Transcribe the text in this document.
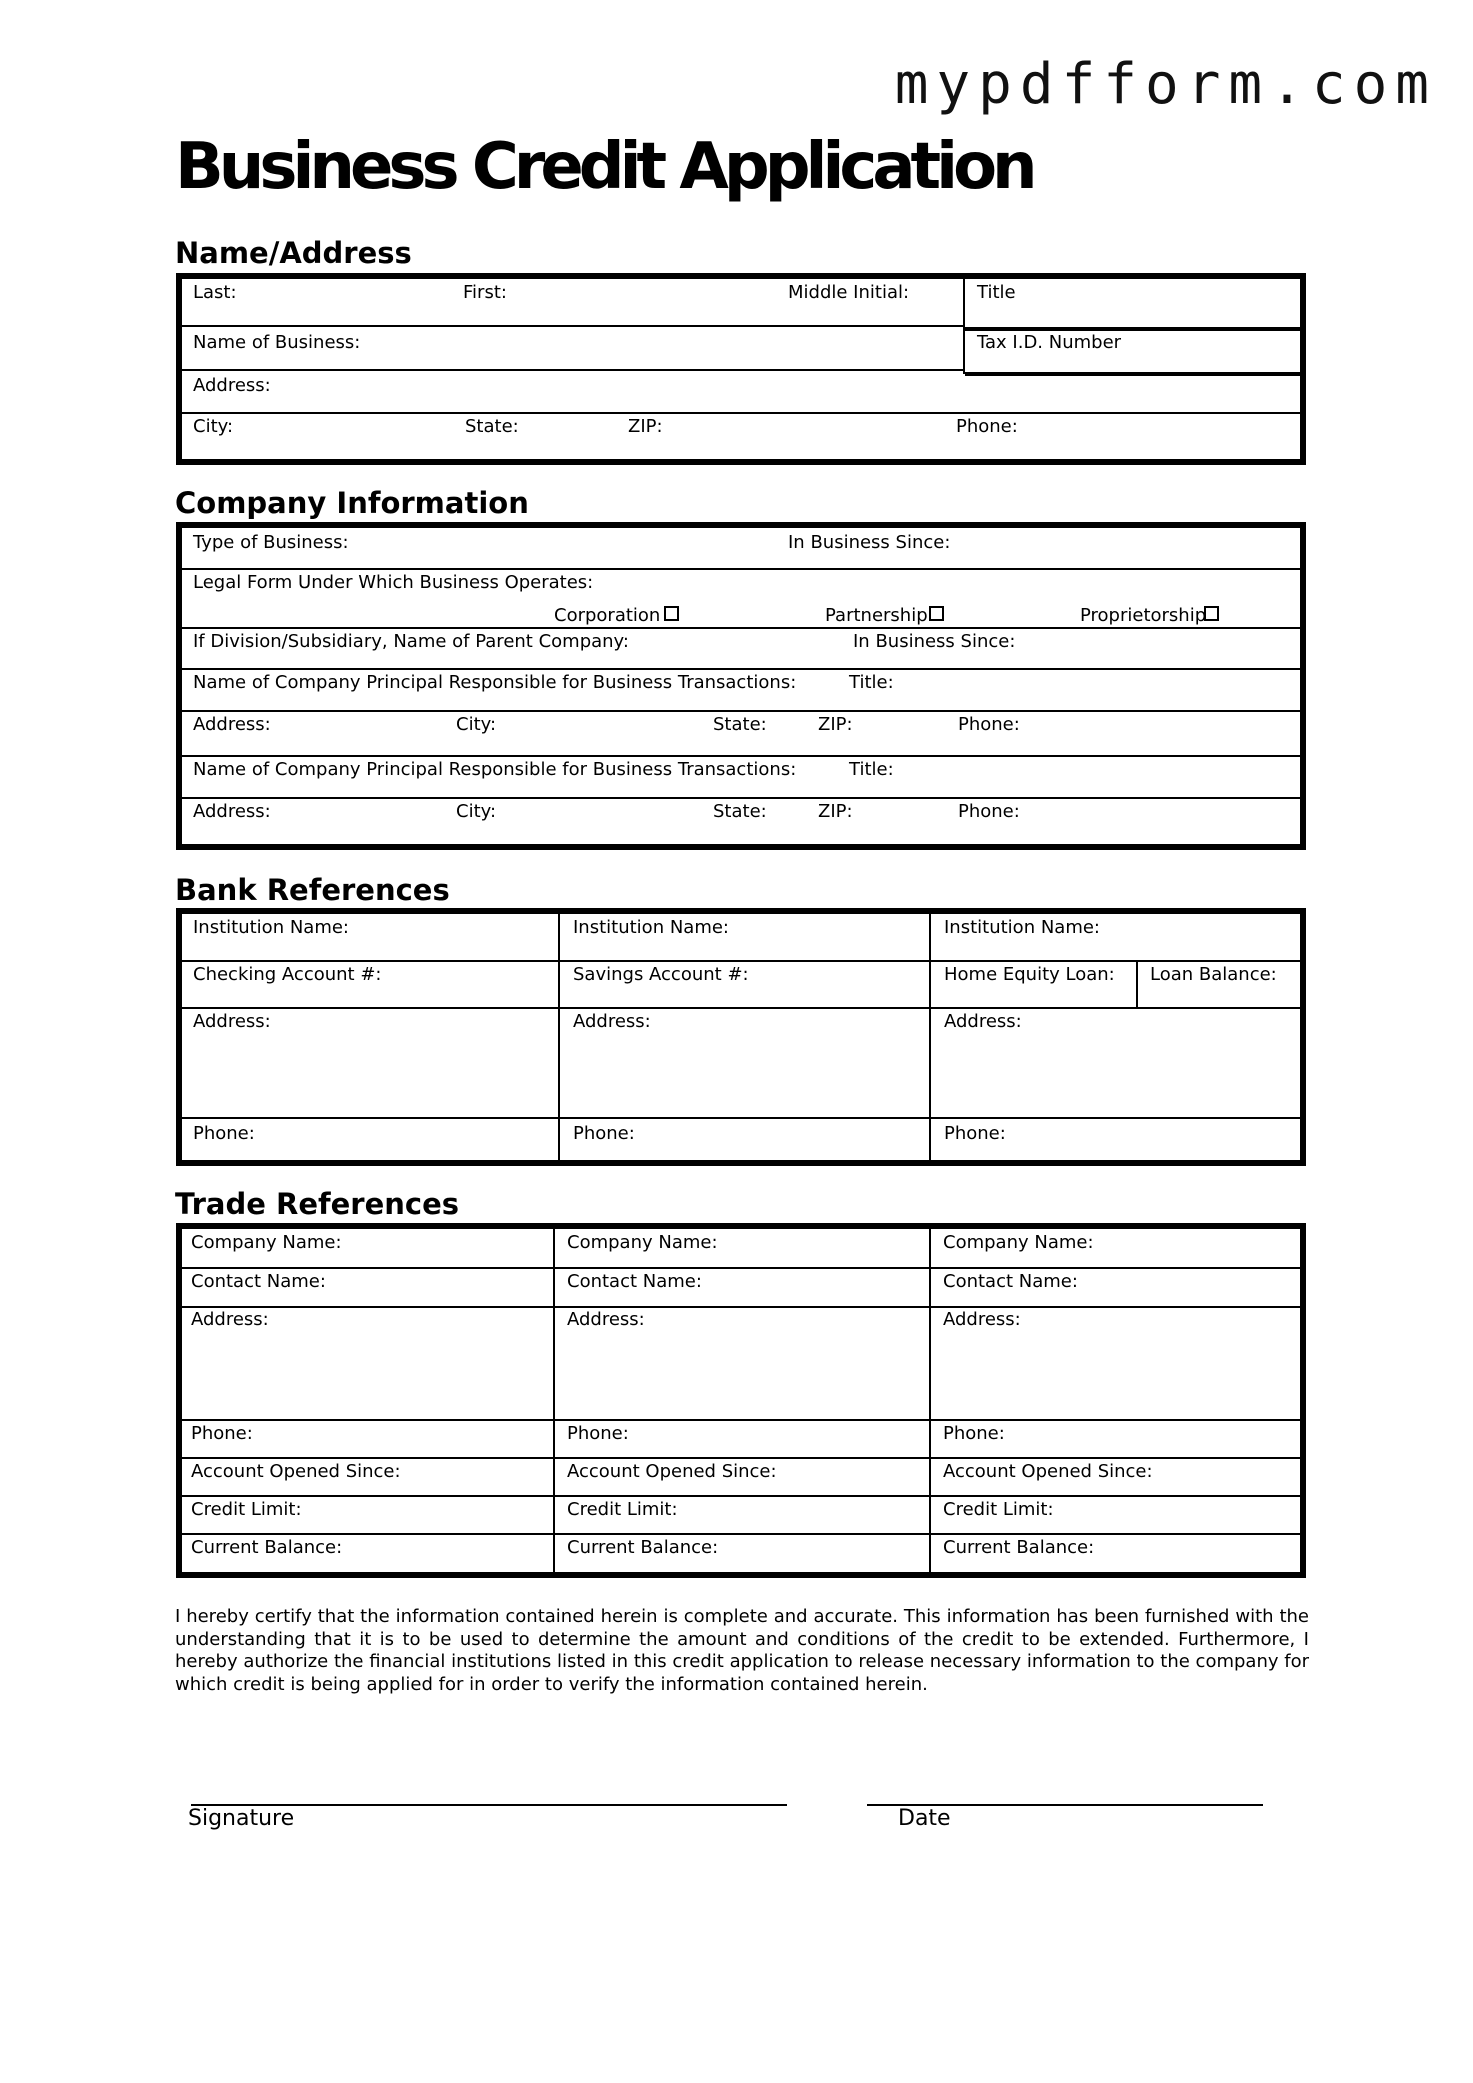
mypdfform.com
Business Credit Application
Name/Address
Last:	First:	Middle Initial:	Title
Name of Business:	Tax I.D. Number
Address:
City:	State:	ZIP:	Phone:
Company Information
Type of Business:	In Business Since:
Legal Form Under Which Business Operates:
Corporation	Partnership	Proprietorship
If Division/Subsidiary, Name of Parent Company:	In Business Since:
Name of Company Principal Responsible for Business Transactions:	Title:
Address:	City:	State:	ZIP:	Phone:
Name of Company Principal Responsible for Business Transactions:	Title:
Address:	City:	State:	ZIP:	Phone:
Bank References
Institution Name:	Institution Name:	Institution Name:
Checking Account #:	Savings Account #:	Home Equity Loan: Loan Balance:
Address:	Address:	Address:
Phone:	Phone:	Phone:
Trade References
Company Name:	Company Name:	Company Name:
Contact Name:	Contact Name:	Contact Name:
Address:	Address:	Address:
Phone:	Phone:	Phone:
Account Opened Since:	Account Opened Since:	Account Opened Since:
Credit Limit:	Credit Limit:	Credit Limit:
Current Balance:	Current Balance:	Current Balance:
I hereby certify that the information contained herein is complete and accurate. This information has been furnished with the understanding that it is to be used to determine the amount and conditions of the credit to be extended. Furthermore, I hereby authorize the financial institutions listed in this credit application to release necessary information to the company for which credit is being applied for in order to verify the information contained herein.
Signature	Date
